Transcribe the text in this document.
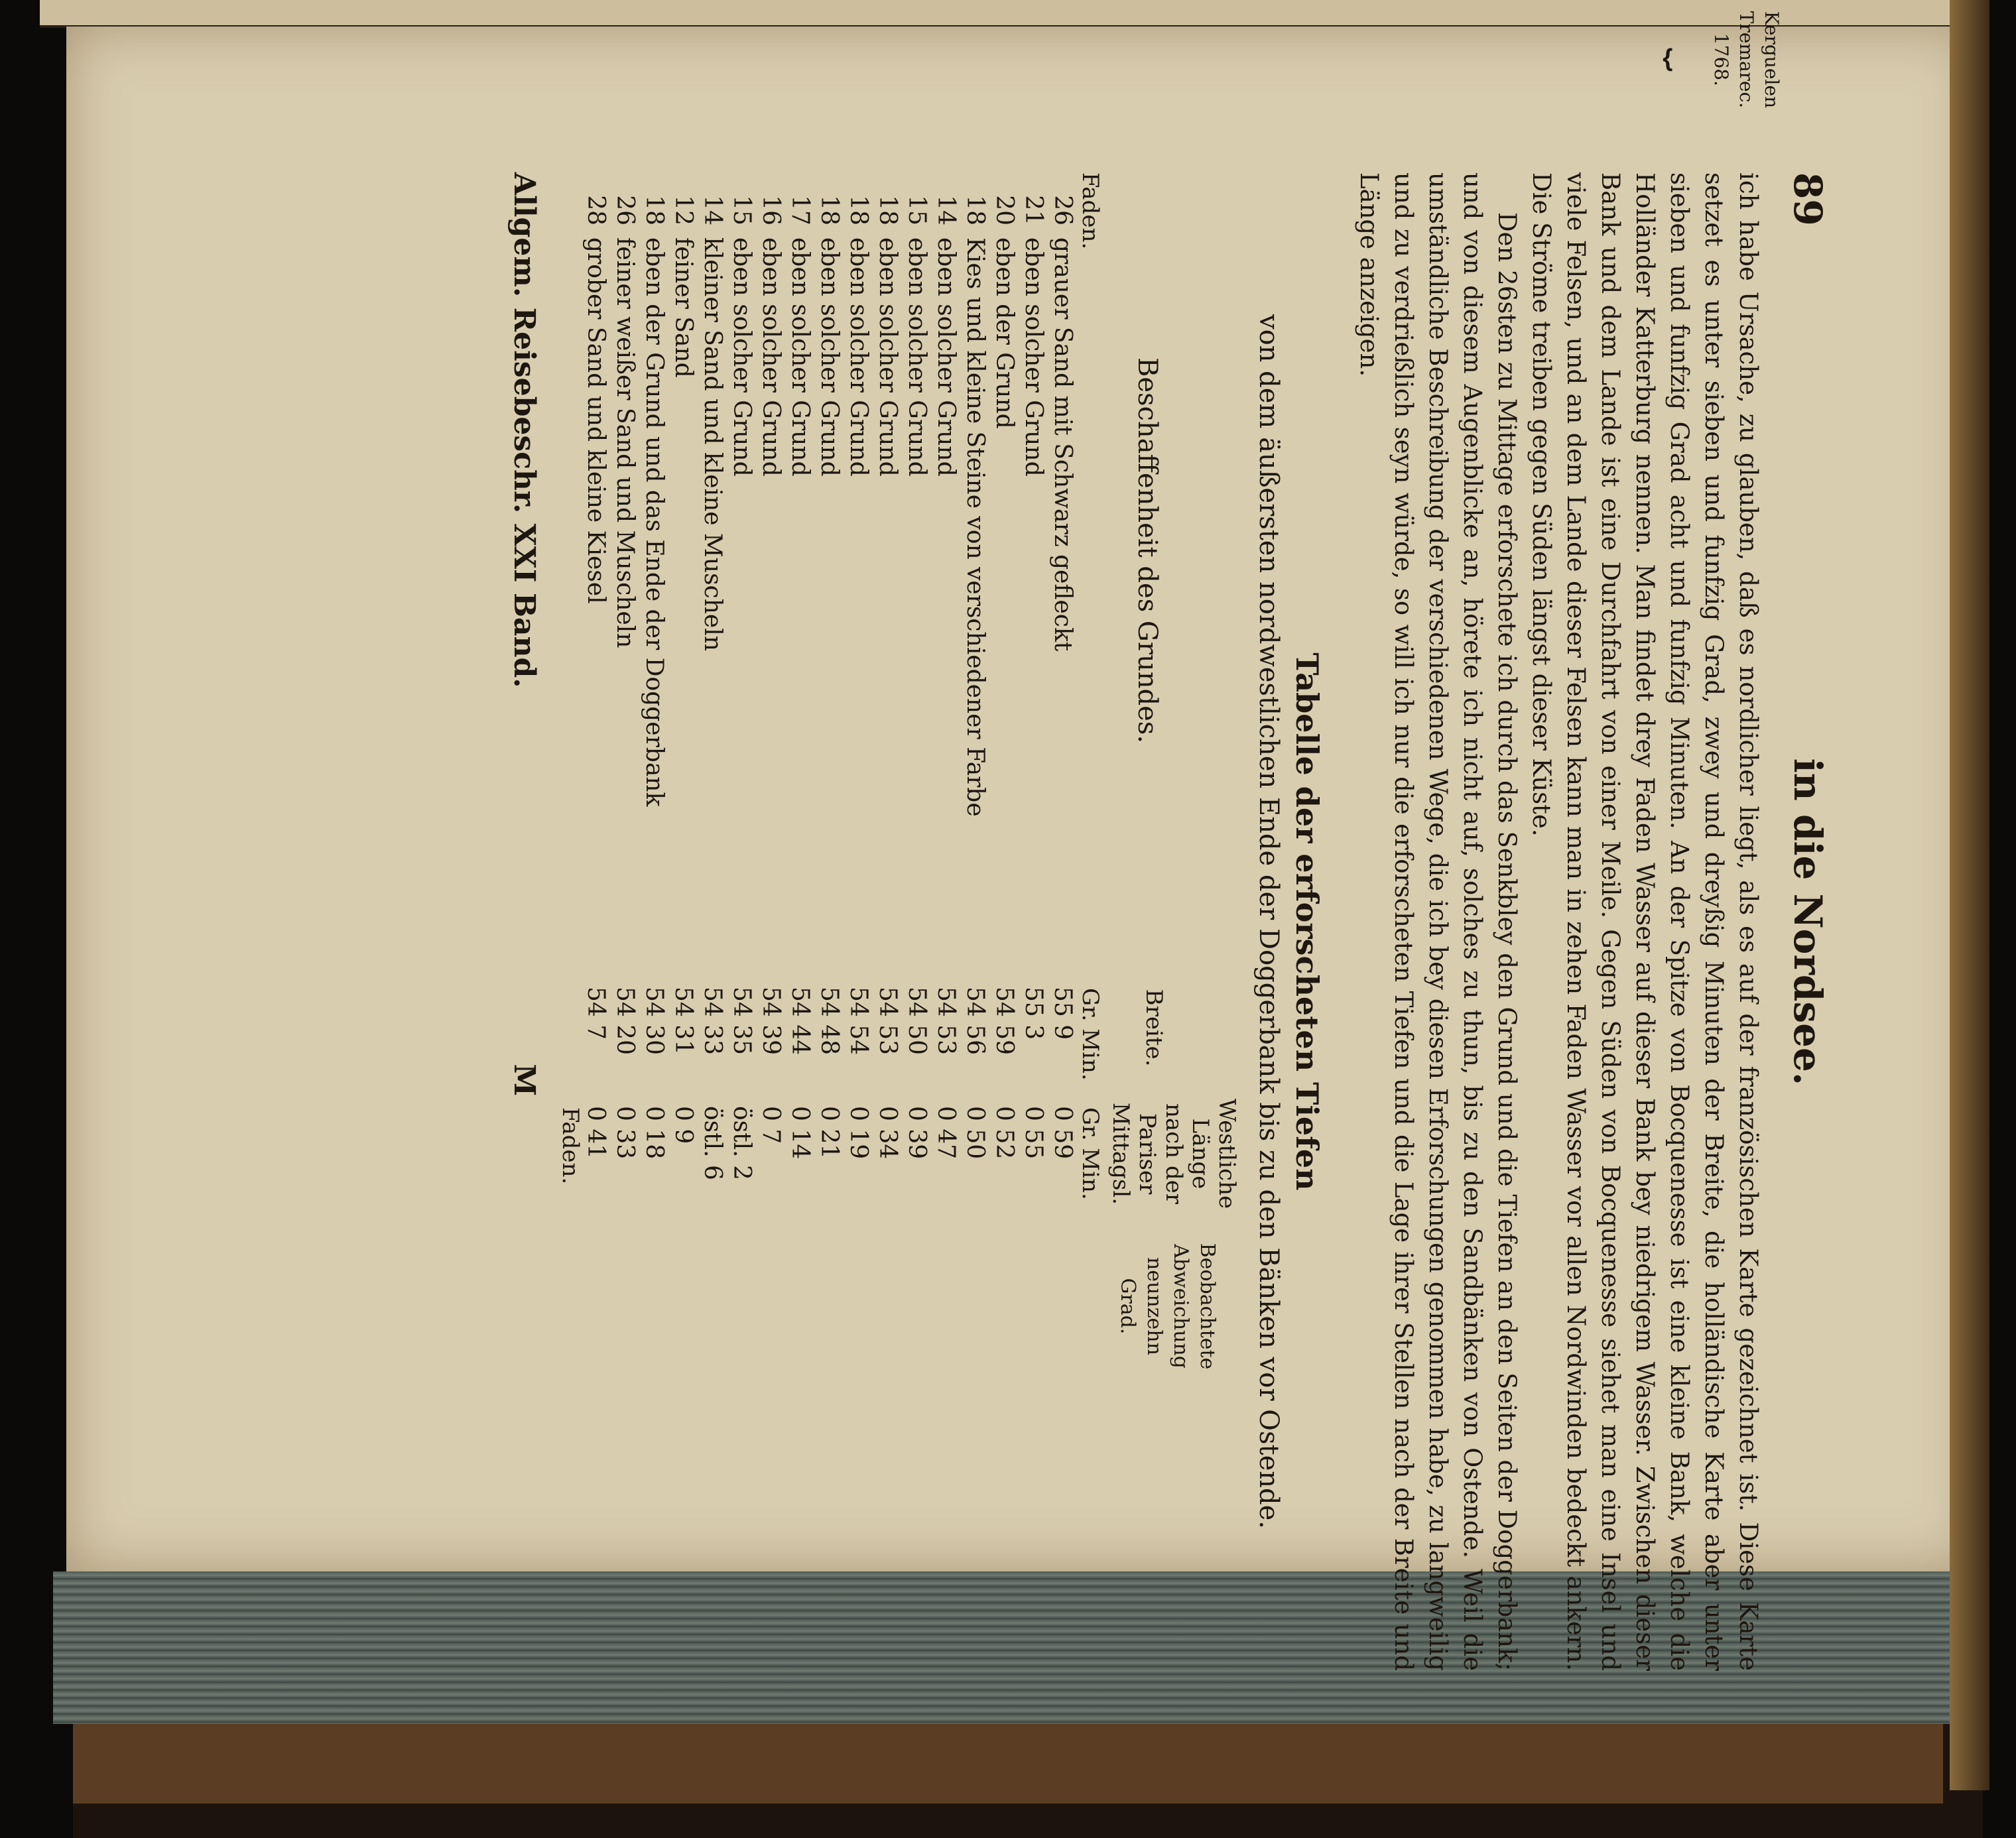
Kerguelen
Tremarec.
1768.
⏟
89
in die Nordsee.

ich habe Ursache, zu glauben, daß es nordlicher liegt, als es auf der französischen Karte gezeichnet ist. Diese Karte setzet es unter sieben und funfzig Grad, zwey und dreyßig Minuten der Breite, die holländische Karte aber unter sieben und funfzig Grad acht und funfzig Minuten. An der Spitze von Bocquenesse ist eine kleine Bank, welche die Holländer Katterburg nennen. Man findet drey Faden Wasser auf dieser Bank bey niedrigem Wasser. Zwischen dieser Bank und dem Lande ist eine Durchfahrt von einer Meile. Gegen Süden von Bocquenesse siehet man eine Insel und viele Felsen, und an dem Lande dieser Felsen kann man in zehen Faden Wasser vor allen Nordwinden bedeckt ankern. Die Ströme treiben gegen Süden längst dieser Küste.

Den 26sten zu Mittage erforschete ich durch das Senkbley den Grund und die Tiefen an den Seiten der Doggerbank; und von diesem Augenblicke an, hörete ich nicht auf, solches zu thun, bis zu den Sandbänken von Ostende. Weil die umständliche Beschreibung der verschiedenen Wege, die ich bey diesen Erforschungen genommen habe, zu langweilig und zu verdrießlich seyn würde, so will ich nur die erforscheten Tiefen und die Lage ihrer Stellen nach der Breite und Länge anzeigen.

Tabelle der erforscheten Tiefen
von dem äußersten nordwestlichen Ende der Doggerbank bis zu den Bänken vor Ostende.
Beschaffenheit des Grundes.
Breite.
Westliche Länge nach der Pariser Mittagsl.
Beobachtete Abweichung neunzehn Grad.
Faden.
Gr. Min.
Gr. Min.
26
grauer Sand mit Schwarz gefleckt
55 9
0 59
21
eben solcher Grund
55 3
0 55
20
eben der Grund
54 59
0 52
18
Kies und kleine Steine von verschiedener Farbe
54 56
0 50
14
eben solcher Grund
54 53
0 47
15
eben solcher Grund
54 50
0 39
18
eben solcher Grund
54 53
0 34
18
eben solcher Grund
54 54
0 19
18
eben solcher Grund
54 48
0 21
17
eben solcher Grund
54 44
0 14
16
eben solcher Grund
54 39
0 7
15
eben solcher Grund
54 35
östl. 2
14
kleiner Sand und kleine Muscheln
54 33
östl. 6
12
feiner Sand
54 31
0 9
18
eben der Grund und das Ende der Doggerbank
54 30
0 18
26
feiner weißer Sand und Muscheln
54 20
0 33
28
grober Sand und kleine Kiesel
54 7
0 41
Faden.
Allgem. Reisebeschr. XXI Band.
M
